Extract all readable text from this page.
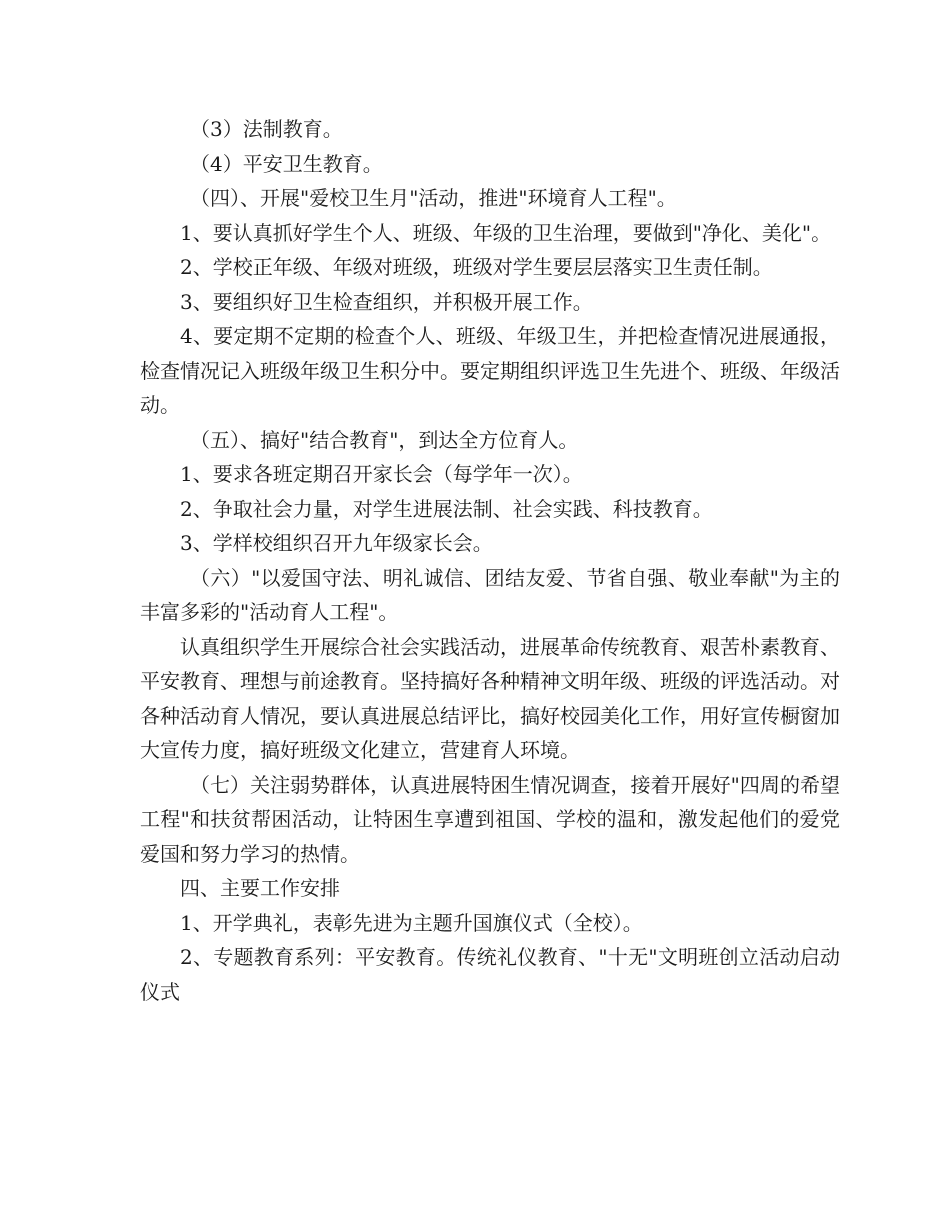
（3）法制教育。

（4）平安卫生教育。

（四）、开展"爱校卫生月"活动，推进"环境育人工程"。

1、要认真抓好学生个人、班级、年级的卫生治理，要做到"净化、美化"。

2、学校正年级、年级对班级，班级对学生要层层落实卫生责任制。

3、要组织好卫生检查组织，并积极开展工作。

4、要定期不定期的检查个人、班级、年级卫生，并把检查情况进展通报，检查情况记入班级年级卫生积分中。要定期组织评选卫生先进个、班级、年级活动。

（五）、搞好"结合教育"，到达全方位育人。

1、要求各班定期召开家长会（每学年一次）。

2、争取社会力量，对学生进展法制、社会实践、科技教育。

3、学样校组织召开九年级家长会。

（六）"以爱国守法、明礼诚信、团结友爱、节省自强、敬业奉献"为主的丰富多彩的"活动育人工程"。

认真组织学生开展综合社会实践活动，进展革命传统教育、艰苦朴素教育、平安教育、理想与前途教育。坚持搞好各种精神文明年级、班级的评选活动。对各种活动育人情况，要认真进展总结评比，搞好校园美化工作，用好宣传橱窗加大宣传力度，搞好班级文化建立，营建育人环境。

（七）关注弱势群体，认真进展特困生情况调查，接着开展好"四周的希望工程"和扶贫帮困活动，让特困生享遭到祖国、学校的温和，激发起他们的爱党爱国和努力学习的热情。

四、主要工作安排

1、开学典礼，表彰先进为主题升国旗仪式（全校）。

2、专题教育系列：平安教育。传统礼仪教育、"十无"文明班创立活动启动仪式
